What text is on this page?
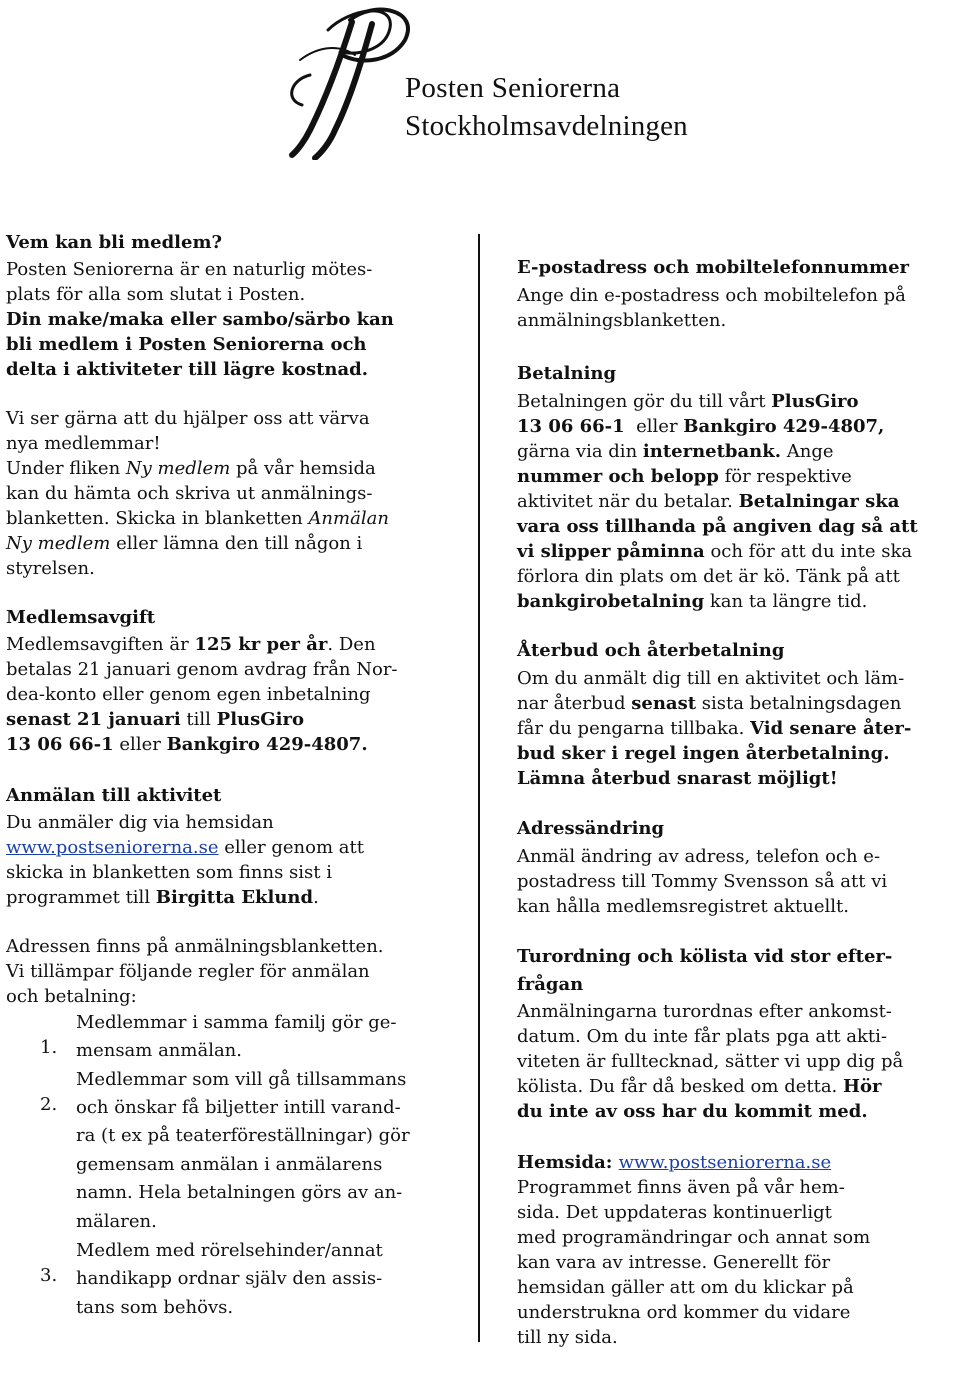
Posten Seniorerna
Stockholmsavdelningen

Vem kan bli medlem?

Posten Seniorerna är en naturlig mötes-

plats för alla som slutat i Posten.

Din make/maka eller sambo/särbo kan

bli medlem i Posten Seniorerna och

delta i aktiviteter till lägre kostnad.

Vi ser gärna att du hjälper oss att värva

nya medlemmar!

Under fliken Ny medlem på vår hemsida

kan du hämta och skriva ut anmälnings-

blanketten. Skicka in blanketten Anmälan

Ny medlem eller lämna den till någon i

styrelsen.

Medlemsavgift

Medlemsavgiften är 125 kr per år. Den

betalas 21 januari genom avdrag från Nor-

dea-konto eller genom egen inbetalning

senast 21 januari till PlusGiro

13 06 66-1 eller Bankgiro 429-4807.

Anmälan till aktivitet

Du anmäler dig via hemsidan

www.postseniorerna.se eller genom att

skicka in blanketten som finns sist i

programmet till Birgitta Eklund.

Adressen finns på anmälningsblanketten.

Vi tillämpar följande regler för anmälan

och betalning:

1.

Medlemmar i samma familj gör ge-

mensam anmälan.

2.

Medlemmar som vill gå tillsammans

och önskar få biljetter intill varand-

ra (t ex på teaterföreställningar) gör

gemensam anmälan i anmälarens

namn. Hela betalningen görs av an-

mälaren.

3.

Medlem med rörelsehinder/annat

handikapp ordnar själv den assis-

tans som behövs.

E-postadress och mobiltelefonnummer

Ange din e-postadress och mobiltelefon på

anmälningsblanketten.

Betalning

Betalningen gör du till vårt PlusGiro

13 06 66-1  eller Bankgiro 429-4807,

gärna via din internetbank. Ange

nummer och belopp för respektive

aktivitet när du betalar. Betalningar ska

vara oss tillhanda på angiven dag så att

vi slipper påminna och för att du inte ska

förlora din plats om det är kö. Tänk på att

bankgirobetalning kan ta längre tid.

Återbud och återbetalning

Om du anmält dig till en aktivitet och läm-

nar återbud senast sista betalningsdagen

får du pengarna tillbaka. Vid senare åter-

bud sker i regel ingen återbetalning.

Lämna återbud snarast möjligt!

Adressändring

Anmäl ändring av adress, telefon och e-

postadress till Tommy Svensson så att vi

kan hålla medlemsregistret aktuellt.

Turordning och kölista vid stor efter-

frågan

Anmälningarna turordnas efter ankomst-

datum. Om du inte får plats pga att akti-

viteten är fulltecknad, sätter vi upp dig på

kölista. Du får då besked om detta. Hör

du inte av oss har du kommit med.

Hemsida: www.postseniorerna.se

Programmet finns även på vår hem-

sida. Det uppdateras kontinuerligt

med programändringar och annat som

kan vara av intresse. Generellt för

hemsidan gäller att om du klickar på

understrukna ord kommer du vidare

till ny sida.
